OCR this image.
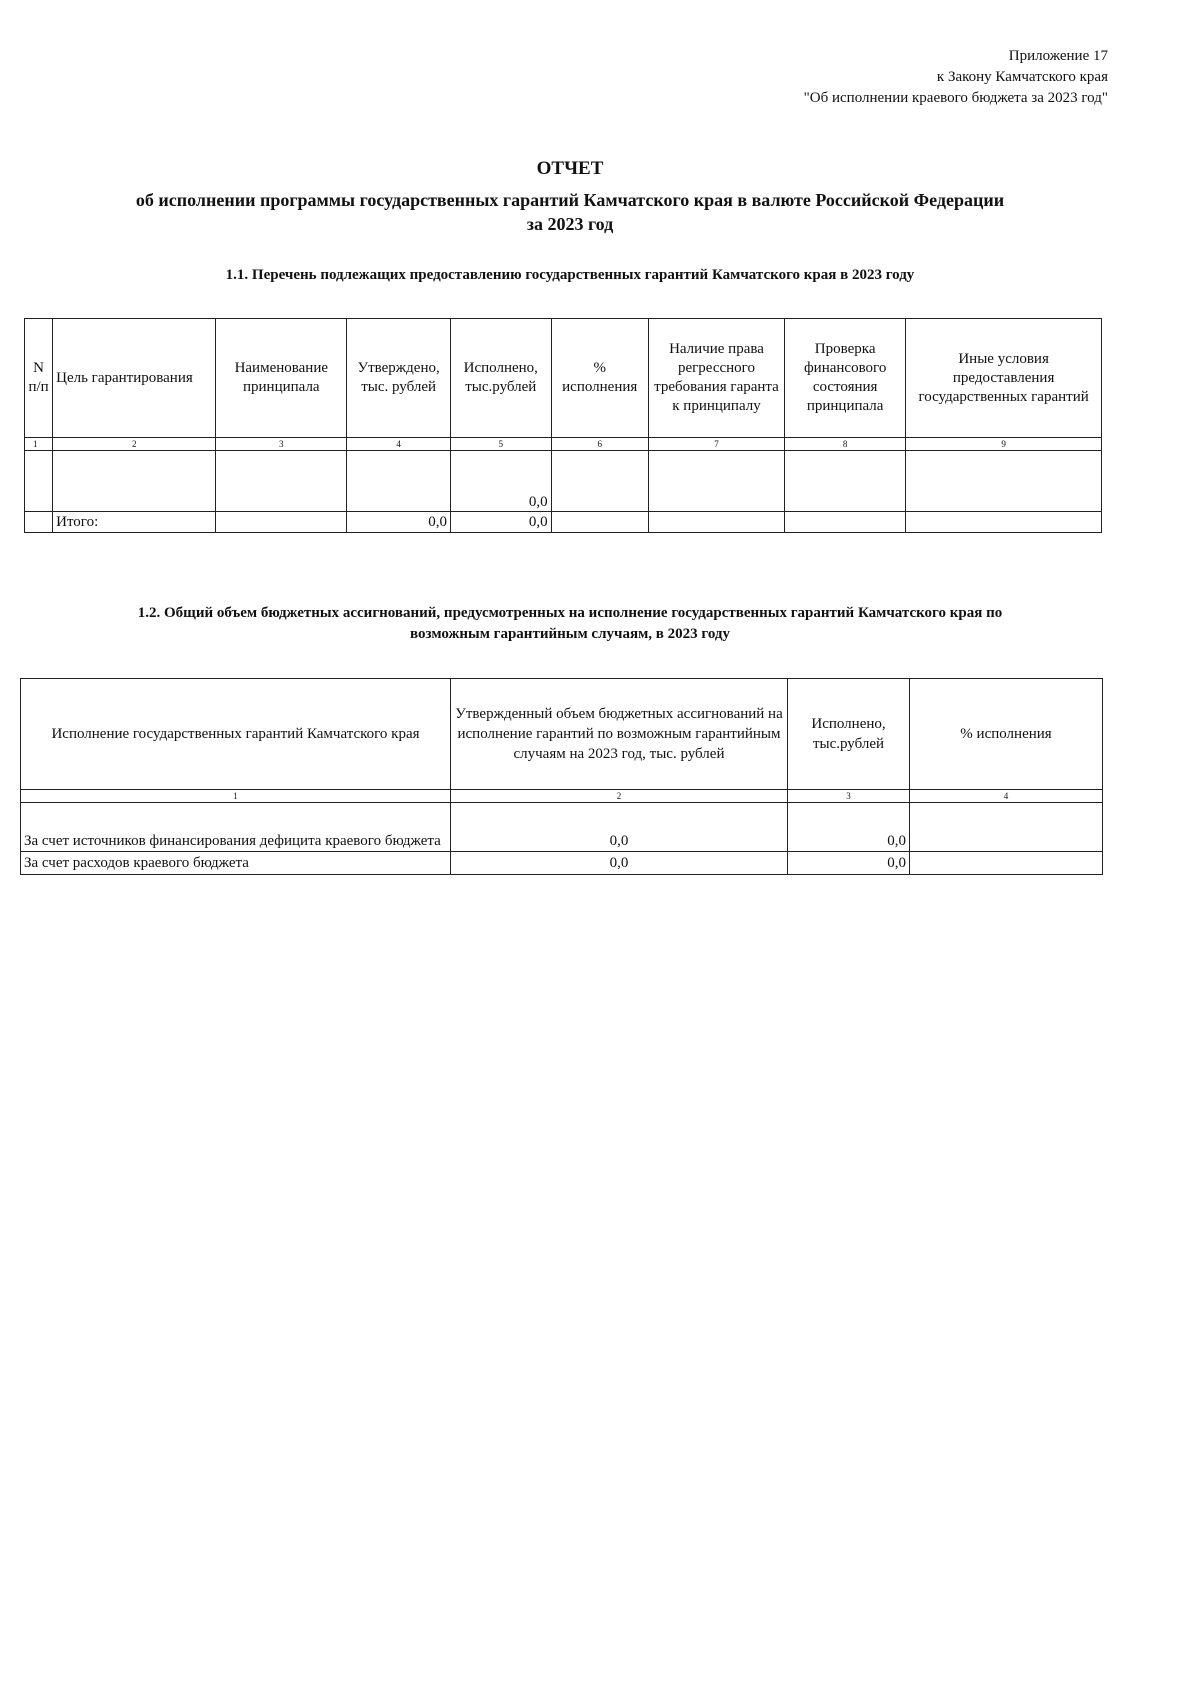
Приложение 17
к Закону Камчатского края
"Об исполнении краевого бюджета за 2023 год"
ОТЧЕТ
об исполнении программы государственных гарантий Камчатского края в валюте Российской Федерации
за 2023 год
1.1. Перечень подлежащих предоставлению государственных гарантий Камчатского края в 2023 году
N п/п	Цель гарантирования	Наименование принципала	Утверждено, тыс. рублей	Исполнено, тыс.рублей	% исполнения	Наличие права регрессного требования гаранта к принципалу	Проверка финансового состояния принципала	Иные условия предоставления государственных гарантий
1	2	3	4	5	6	7	8	9
				0,0				
	Итого:		0,0	0,0				
1.2. Общий объем бюджетных ассигнований, предусмотренных на исполнение государственных гарантий Камчатского края по
возможным гарантийным случаям, в 2023 году
Исполнение государственных гарантий Камчатского края	Утвержденный объем бюджетных ассигнований на исполнение гарантий по возможным гарантийным случаям на 2023 год, тыс. рублей	Исполнено, тыс.рублей	% исполнения
1	2	3	4
За счет источников финансирования дефицита краевого бюджета	0,0	0,0	
За счет расходов краевого бюджета	0,0	0,0	
